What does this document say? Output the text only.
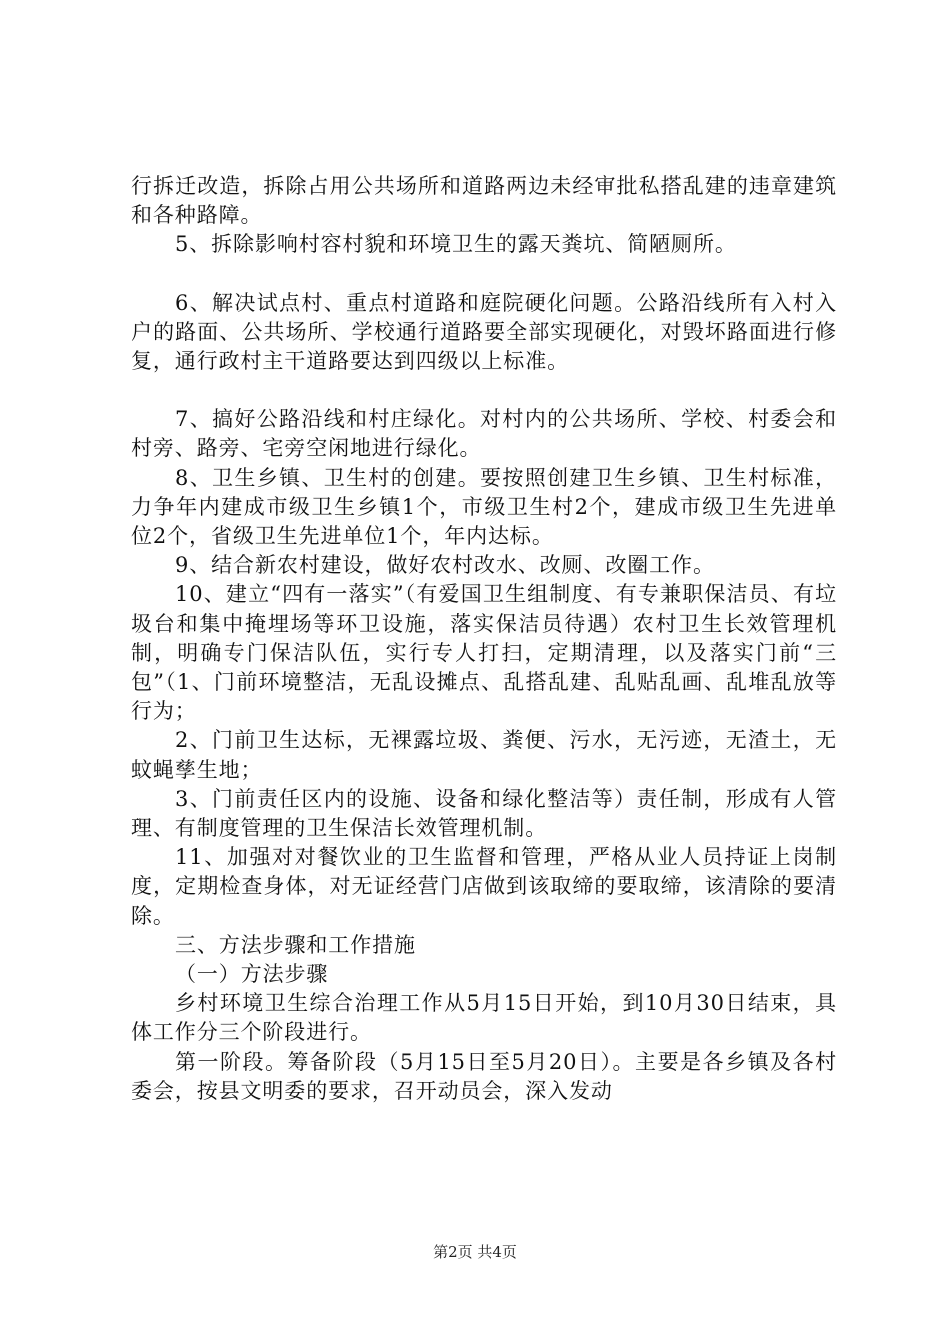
行拆迁改造，拆除占用公共场所和道路两边未经审批私搭乱建的违章建筑和各种路障。

5、拆除影响村容村貌和环境卫生的露天粪坑、简陋厕所。

6、解决试点村、重点村道路和庭院硬化问题。公路沿线所有入村入户的路面、公共场所、学校通行道路要全部实现硬化，对毁坏路面进行修复，通行政村主干道路要达到四级以上标准。

7、搞好公路沿线和村庄绿化。对村内的公共场所、学校、村委会和村旁、路旁、宅旁空闲地进行绿化。

8、卫生乡镇、卫生村的创建。要按照创建卫生乡镇、卫生村标准，力争年内建成市级卫生乡镇1个，市级卫生村2个，建成市级卫生先进单位2个，省级卫生先进单位1个，年内达标。

9、结合新农村建设，做好农村改水、改厕、改圈工作。

10、建立“四有一落实”（有爱国卫生组制度、有专兼职保洁员、有垃圾台和集中掩埋场等环卫设施，落实保洁员待遇）农村卫生长效管理机制，明确专门保洁队伍，实行专人打扫，定期清理，以及落实门前“三包”（1、门前环境整洁，无乱设摊点、乱搭乱建、乱贴乱画、乱堆乱放等行为；

2、门前卫生达标，无裸露垃圾、粪便、污水，无污迹，无渣土，无蚊蝇孳生地；

3、门前责任区内的设施、设备和绿化整洁等）责任制，形成有人管理、有制度管理的卫生保洁长效管理机制。

11、加强对对餐饮业的卫生监督和管理，严格从业人员持证上岗制度，定期检查身体，对无证经营门店做到该取缔的要取缔，该清除的要清除。

三、方法步骤和工作措施

（一）方法步骤

乡村环境卫生综合治理工作从5月15日开始，到10月30日结束，具体工作分三个阶段进行。

第一阶段。筹备阶段（5月15日至5月20日）。主要是各乡镇及各村委会，按县文明委的要求，召开动员会，深入发动

第2页 共4页
